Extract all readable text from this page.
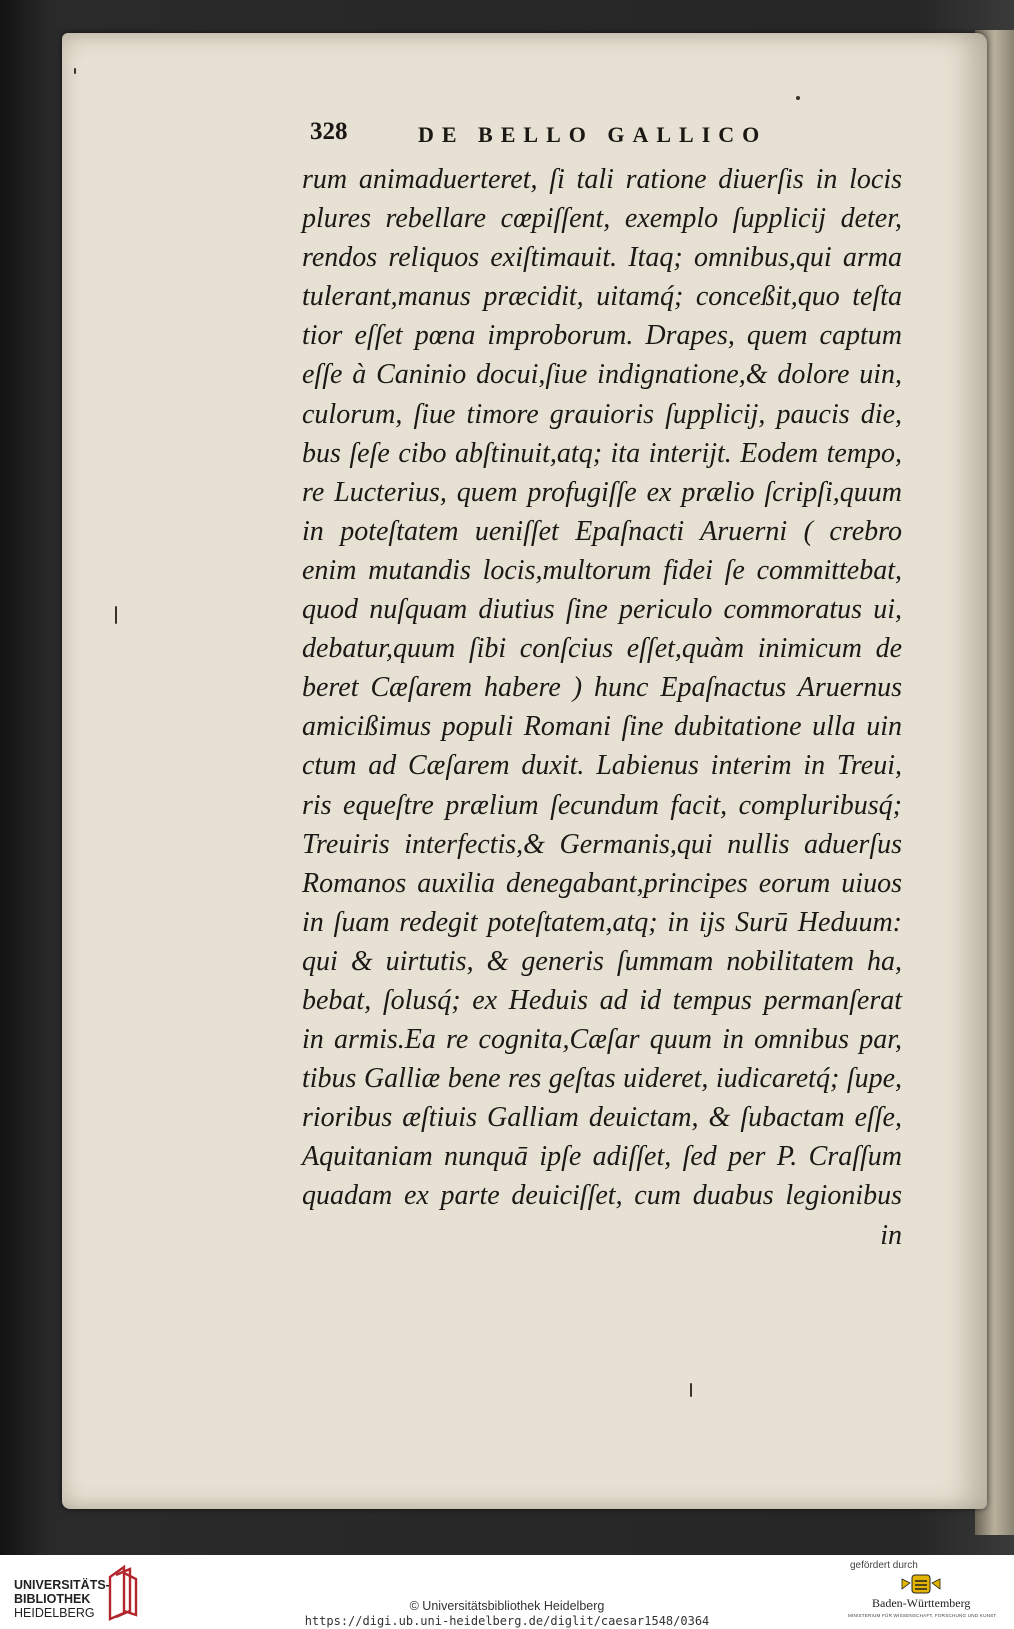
328	DE BELLO GALLICO
rum animaduerteret, ſi tali ratione diuerſis in locis
plures rebellare cœpiſſent, exemplo ſupplicij deter,
rendos reliquos exiſtimauit. Itaq; omnibus,qui arma
tulerant,manus præcidit, uitamq́; conceßit,quo teſta
tior eſſet pœna improborum. Drapes, quem captum
eſſe à Caninio docui,ſiue indignatione,& dolore uin,
culorum, ſiue timore grauioris ſupplicij, paucis die,
bus ſeſe cibo abſtinuit,atq; ita interijt. Eodem tempo,
re Lucterius, quem profugiſſe ex prælio ſcripſi,quum
in poteſtatem ueniſſet Epaſnacti Aruerni ( crebro
enim mutandis locis,multorum fidei ſe committebat,
quod nuſquam diutius ſine periculo commoratus ui,
debatur,quum ſibi conſcius eſſet,quàm inimicum de
beret Cæſarem habere ) hunc Epaſnactus Aruernus
amicißimus populi Romani ſine dubitatione ulla uin
ctum ad Cæſarem duxit. Labienus interim in Treui,
ris equeſtre prælium ſecundum facit, compluribusq́;
Treuiris interfectis,& Germanis,qui nullis aduerſus
Romanos auxilia denegabant,principes eorum uiuos
in ſuam redegit poteſtatem,atq; in ijs Surū Heduum:
qui & uirtutis, & generis ſummam nobilitatem ha,
bebat, ſolusq́; ex Heduis ad id tempus permanſerat
in armis.Ea re cognita,Cæſar quum in omnibus par,
tibus Galliæ bene res geſtas uideret, iudicaretq́; ſupe,
rioribus æſtiuis Galliam deuictam, & ſubactam eſſe,
Aquitaniam nunquā ipſe adiſſet, ſed per P. Craſſum
quadam ex parte deuiciſſet, cum duabus legionibus
in
UNIVERSITÄTS-
BIBLIOTHEK
HEIDELBERG	© Universitätsbibliothek Heidelberg
https://digi.ub.uni-heidelberg.de/diglit/caesar1548/0364
gefördert durch
Baden-Württemberg
MINISTERIUM FÜR WISSENSCHAFT, FORSCHUNG UND KUNST
